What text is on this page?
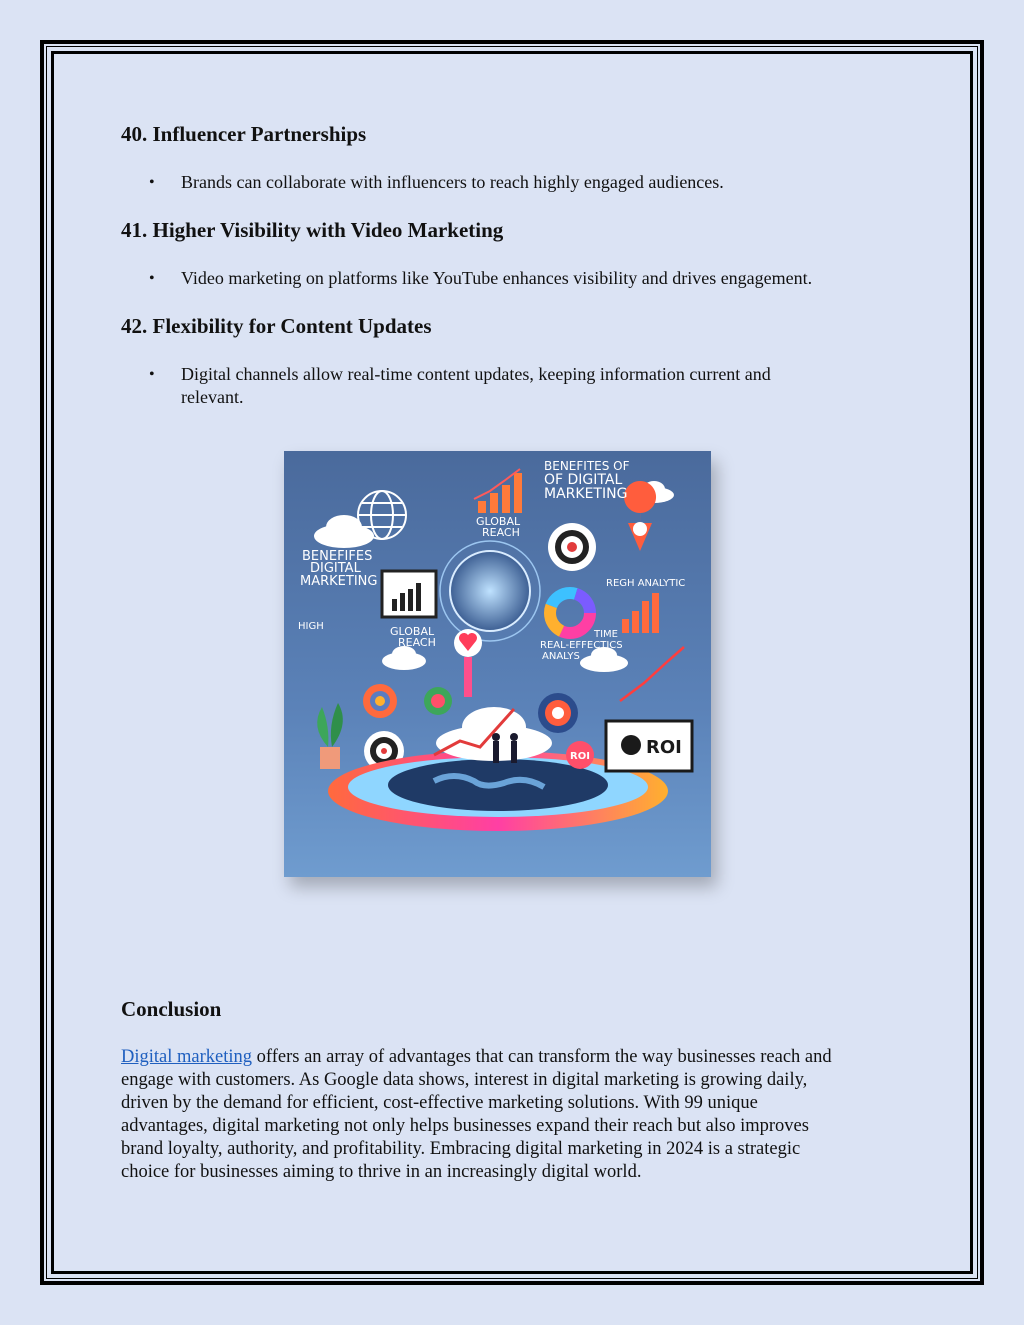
40. Influencer Partnerships
• Brands can collaborate with influencers to reach highly engaged audiences.
41. Higher Visibility with Video Marketing
• Video marketing on platforms like YouTube enhances visibility and drives engagement.
42. Flexibility for Content Updates
• Digital channels allow real-time content updates, keeping information current and
relevant.
Conclusion
Digital marketing offers an array of advantages that can transform the way businesses reach and
engage with customers. As Google data shows, interest in digital marketing is growing daily,
driven by the demand for efficient, cost-effective marketing solutions. With 99 unique
advantages, digital marketing not only helps businesses expand their reach but also improves
brand loyalty, authority, and profitability. Embracing digital marketing in 2024 is a strategic
choice for businesses aiming to thrive in an increasingly digital world.
ROI
ROI
BENEFITES OF
OF DIGITAL
MARKETING
BENEFIFES
DIGITAL
MARKETING
GLOBAL
REACH
GLOBAL
REACH
REGH ANALYTIC
HIGH
TIME
REAL-EFFECTICS
ANALYS
